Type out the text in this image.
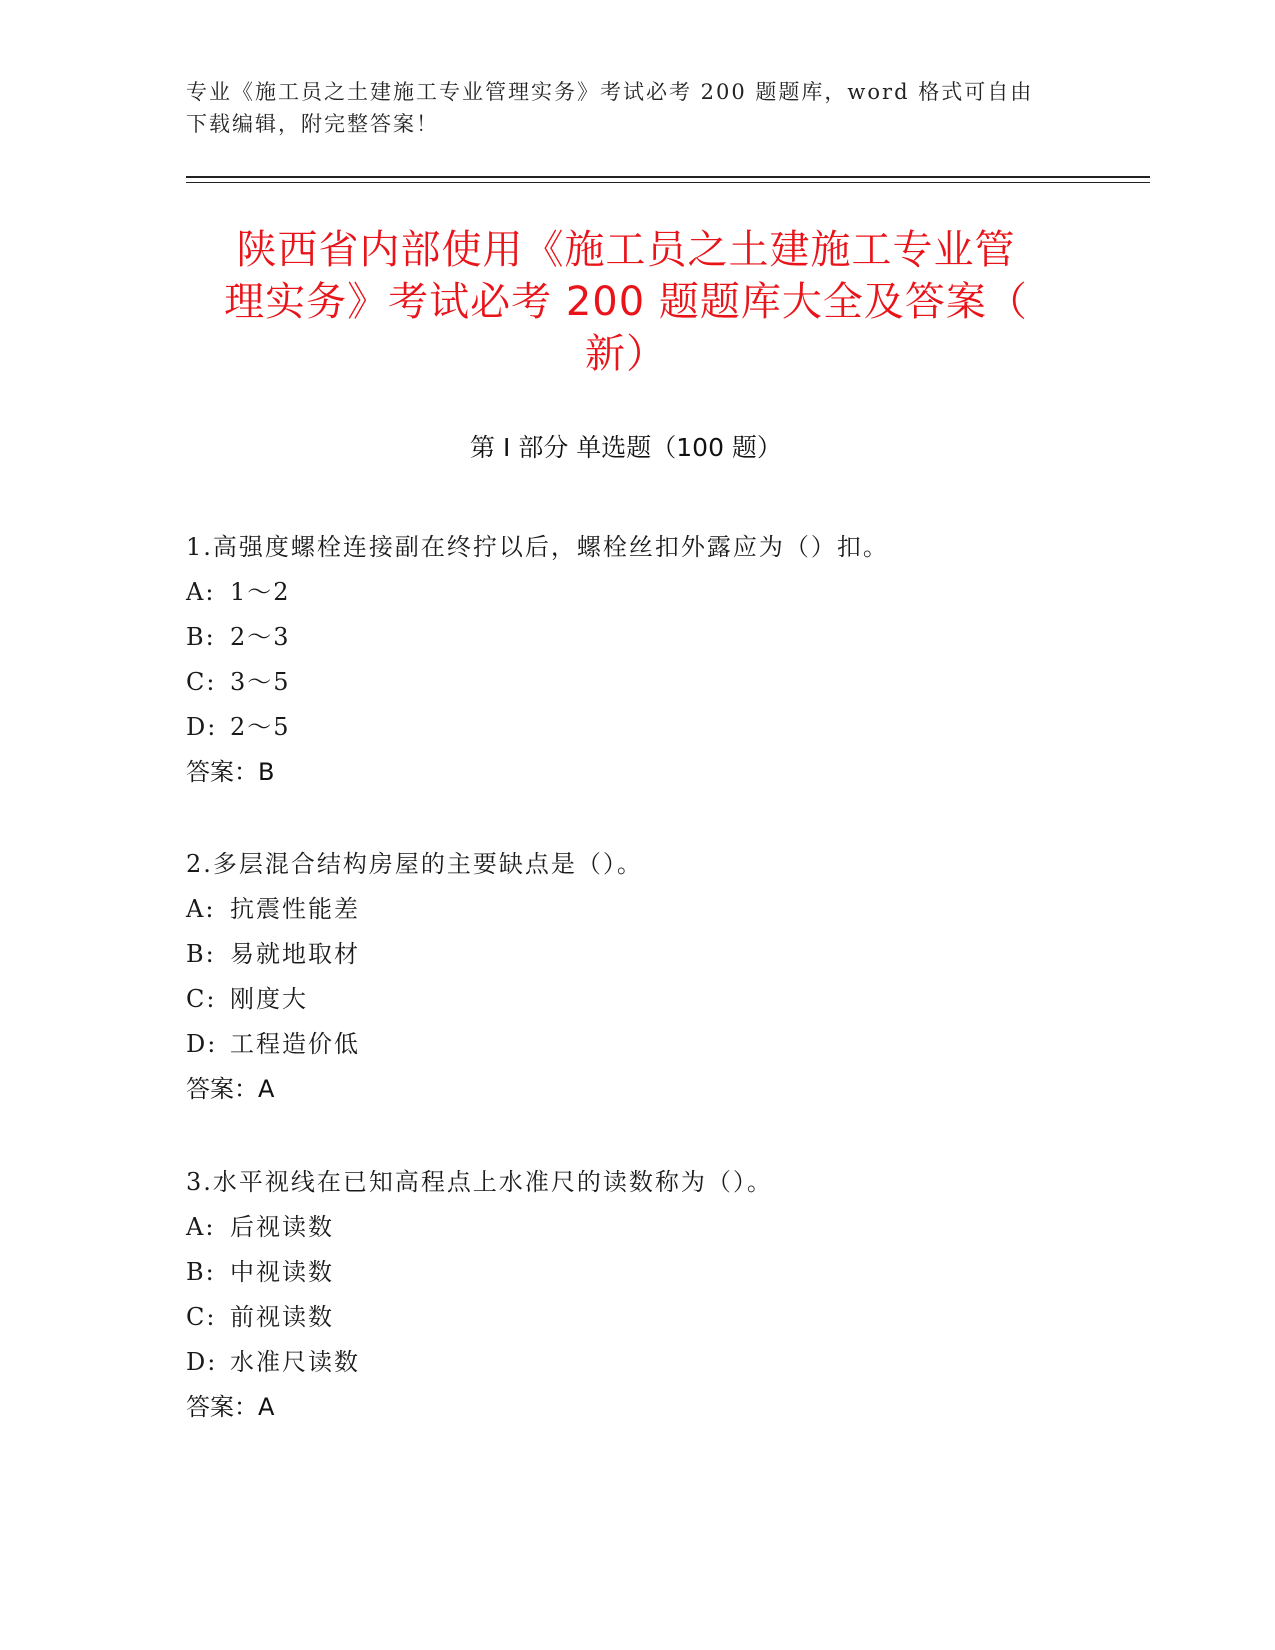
专业《施工员之土建施工专业管理实务》考试必考 200 题题库，word 格式可自由
下载编辑，附完整答案！
陕西省内部使用《施工员之土建施工专业管
理实务》考试必考 200 题题库大全及答案（
新）
第 I 部分 单选题（100 题）
1.高强度螺栓连接副在终拧以后，螺栓丝扣外露应为（）扣。
A: 1～2
B: 2～3
C: 3～5
D: 2～5
答案：B
2.多层混合结构房屋的主要缺点是（）。
A: 抗震性能差
B: 易就地取材
C: 刚度大
D: 工程造价低
答案：A
3.水平视线在已知高程点上水准尺的读数称为（）。
A: 后视读数
B: 中视读数
C: 前视读数
D: 水准尺读数
答案：A
